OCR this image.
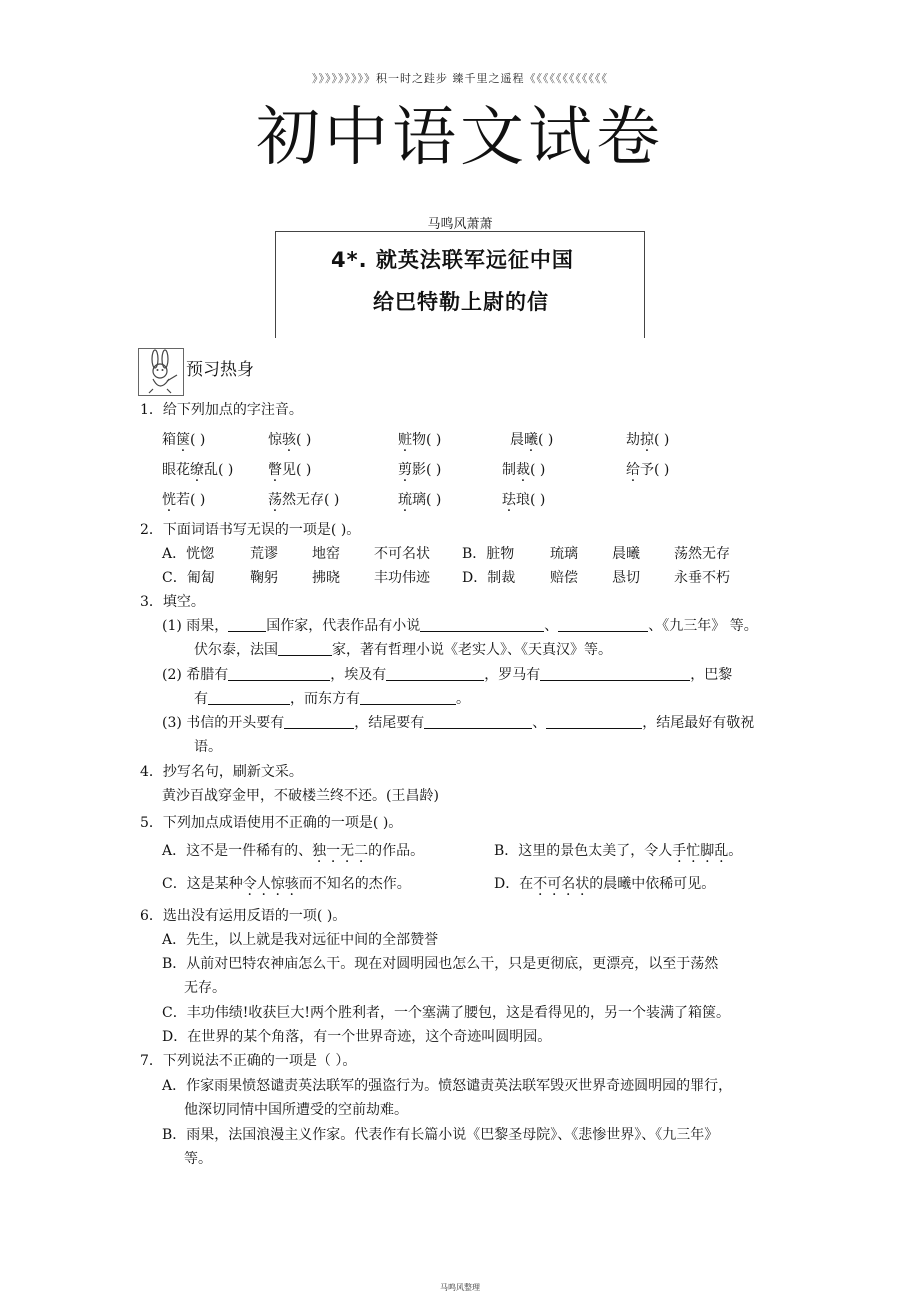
》》》》》》》》》积一时之跬步 臻千里之遥程《《《《《《《《《《《《
初中语文试卷
马鸣风萧萧
4*. 就英法联军远征中国
给巴特勒上尉的信
预习热身
1．给下列加点的字注音。
箱箧( )	惊骇( )	赃物( )	晨曦( )	劫掠( )
眼花缭乱( ) 瞥见( )	剪影( )	制裁( )	给予( )
恍若( )	荡然无存( )	琉璃( )	珐琅( )
2．下面词语书写无误的一项是( )。
A．恍惚	荒谬 地窑 不可名状 B．脏物	琉璃 晨曦 荡然无存
C．匍匐	鞠躬 拂晓 丰功伟迹 D．制裁 赔偿 恳切 永垂不朽
3．填空。
(1) 雨果，	国作家，代表作品有小说	、	、《九三年》 等。
伏尔泰，法国	家，著有哲理小说《老实人》、《天真汉》等。
(2) 希腊有	，埃及有	，罗马有	，巴黎
有	，而东方有	。
(3) 书信的开头要有	，结尾要有	、	，结尾最好有敬祝
语。
4．抄写名句，刷新文采。
黄沙百战穿金甲，不破楼兰终不还。(王昌龄)
5．下列加点成语使用不正确的一项是( )。
A．这不是一件稀有的、独一无二的作品。	B．这里的景色太美了，令人手忙脚乱。
C．这是某种令人惊骇而不知名的杰作。	D．在不可名状的晨曦中依稀可见。
6．选出没有运用反语的一项( )。
A．先生，以上就是我对远征中间的全部赞誉
B．从前对巴特农神庙怎么干。现在对圆明园也怎么干，只是更彻底，更漂亮，以至于荡然
无存。
C．丰功伟绩!收获巨大!两个胜利者，一个塞满了腰包，这是看得见的，另一个装满了箱箧。
D．在世界的某个角落，有一个世界奇迹，这个奇迹叫圆明园。
7．下列说法不正确的一项是（ ）。
A．作家雨果愤怒谴责英法联军的强盗行为。愤怒谴责英法联军毁灭世界奇迹圆明园的罪行，
他深切同情中国所遭受的空前劫难。
B．雨果，法国浪漫主义作家。代表作有长篇小说《巴黎圣母院》、《悲惨世界》、《九三年》
等。
马鸣风整理
